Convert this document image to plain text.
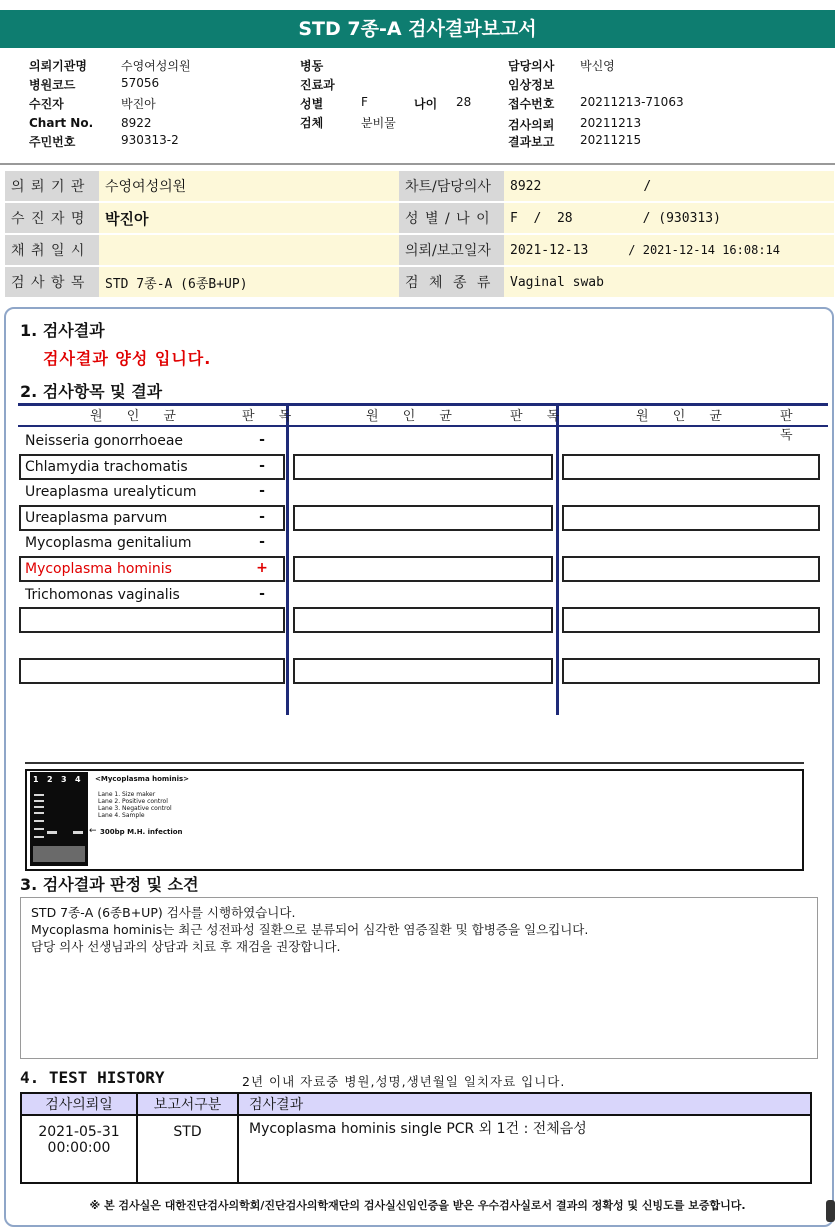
STD 7종-A 검사결과보고서
의뢰기관명	수영여성의원
병원코드	57056
수진자	박진아
Chart No. 8922
주민번호	930313-2
병동
진료과
성별	F	나이 28
검체	분비물
담당의사 박신영
임상정보
접수번호 20211213-71063
검사의뢰 20211213
결과보고 20211215
의 뢰 기 관	수영여성의원	차트/담당의사	8922 /
수 진 자 명	박진아	성 별 / 나 이	F  /  28 / (930313)
채 취 일 시		의뢰/보고일자	2021-12-13 / 2021-12-14 16:08:14
검 사 항 목	STD 7종-A (6종B+UP)	검 체 종 류	Vaginal swab
1. 검사결과
검사결과 양성 입니다.
2. 검사항목 및 결과
원 인 균	판 독	원 인 균	판 독	원 인 균	판 독
Neisseria gonorrhoeae	-
Chlamydia trachomatis	-
Ureaplasma urealyticum	-
Ureaplasma parvum	-
Mycoplasma genitalium	-
Mycoplasma hominis	+
Trichomonas vaginalis	-
1 2 3 4 <Mycoplasma hominis>
Lane 1. Size maker
Lane 2. Positive control
Lane 3. Negative control
Lane 4. Sample
← 300bp M.H. infection
3. 검사결과 판정 및 소견
STD 7종-A (6종B+UP) 검사를 시행하였습니다.
Mycoplasma hominis는 최근 성전파성 질환으로 분류되어 심각한 염증질환 및 합병증을 일으킵니다.
담당 의사 선생님과의 상담과 치료 후 재검을 권장합니다.
4. TEST HISTORY	2년 이내 자료중 병원,성명,생년월일 일치자료 입니다.
검사의뢰일	보고서구분	검사결과

2021-05-31
00:00:00	STD	Mycoplasma hominis single PCR 외 1건 : 전체음성
※ 본 검사실은 대한진단검사의학회/진단검사의학재단의 검사실신임인증을 받은 우수검사실로서 결과의 정확성 및 신빙도를 보증합니다.
